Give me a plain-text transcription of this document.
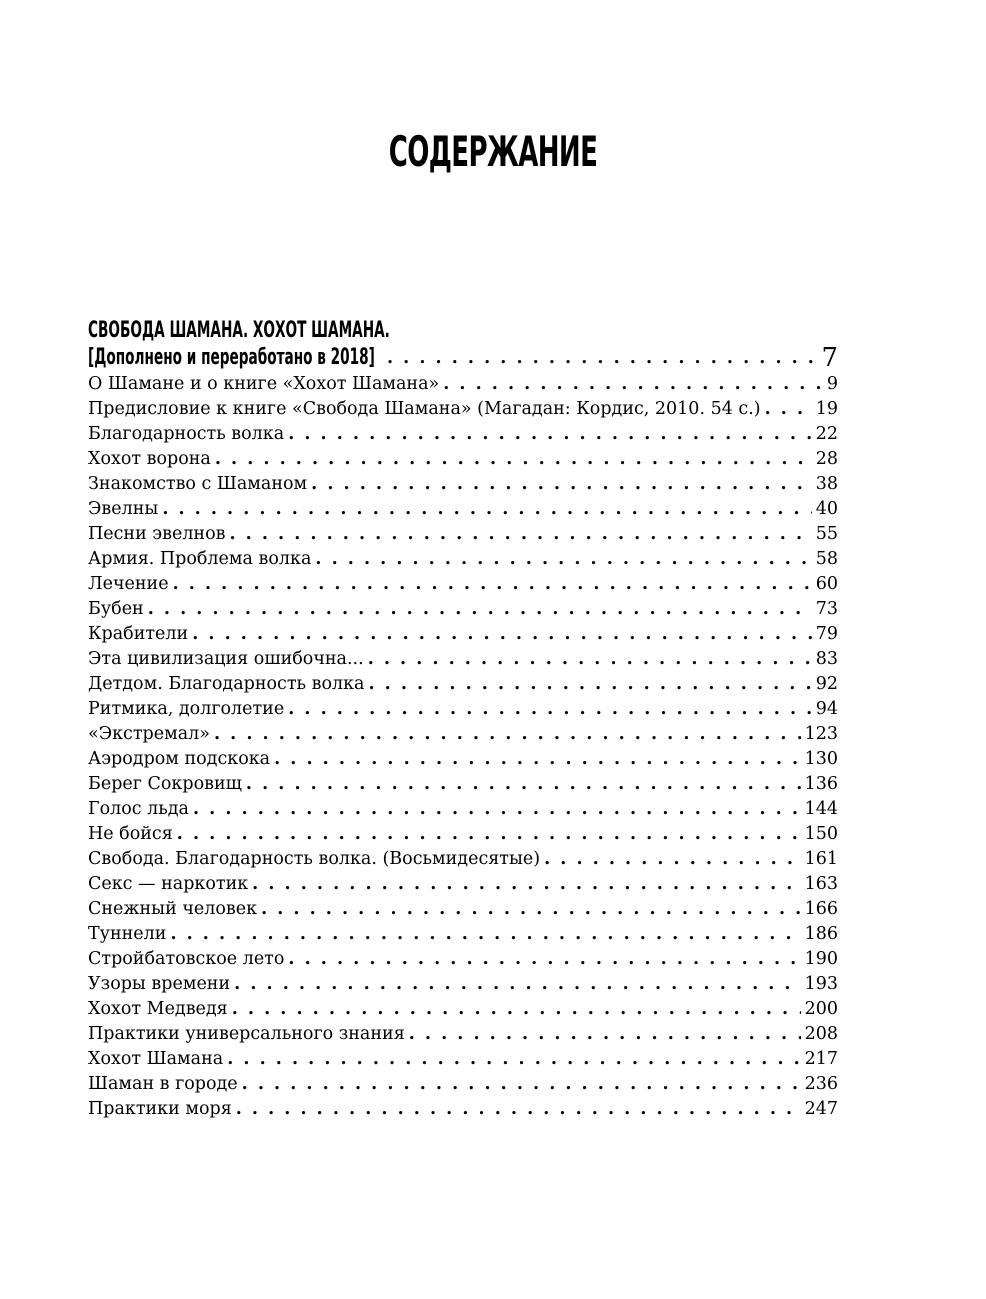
СОДЕРЖАНИЕ
СВОБОДА ШАМАНА. ХОХОТ ШАМАНА.
[Дополнено и переработано в 2018] . . .	7
О Шамане и о книге «Хохот Шамана» . . .	9
Предисловие к книге «Свобода Шамана» (Магадан: Кордис, 2010. 54 с.) . . .	19
Благодарность волка . . .	22
Хохот ворона . . .	28
Знакомство с Шаманом . . .	38
Эвелны . . .	40
Песни эвелнов . . .	55
Армия. Проблема волка . . .	58
Лечение . . .	60
Бубен . . .	73
Крабители . . .	79
Эта цивилизация ошибочна... . . .	83
Детдом. Благодарность волка . . .	92
Ритмика, долголетие . . .	94
«Экстремал» . . .	123
Аэродром подскока . . .	130
Берег Сокровищ . . .	136
Голос льда . . .	144
Не бойся . . .	150
Свобода. Благодарность волка. (Восьмидесятые) . . .	161
Секс — наркотик . . .	163
Снежный человек . . .	166
Туннели . . .	186
Стройбатовское лето . . .	190
Узоры времени . . .	193
Хохот Медведя . . .	200
Практики универсального знания . . .	208
Хохот Шамана . . .	217
Шаман в городе . . .	236
Практики моря . . .	247
